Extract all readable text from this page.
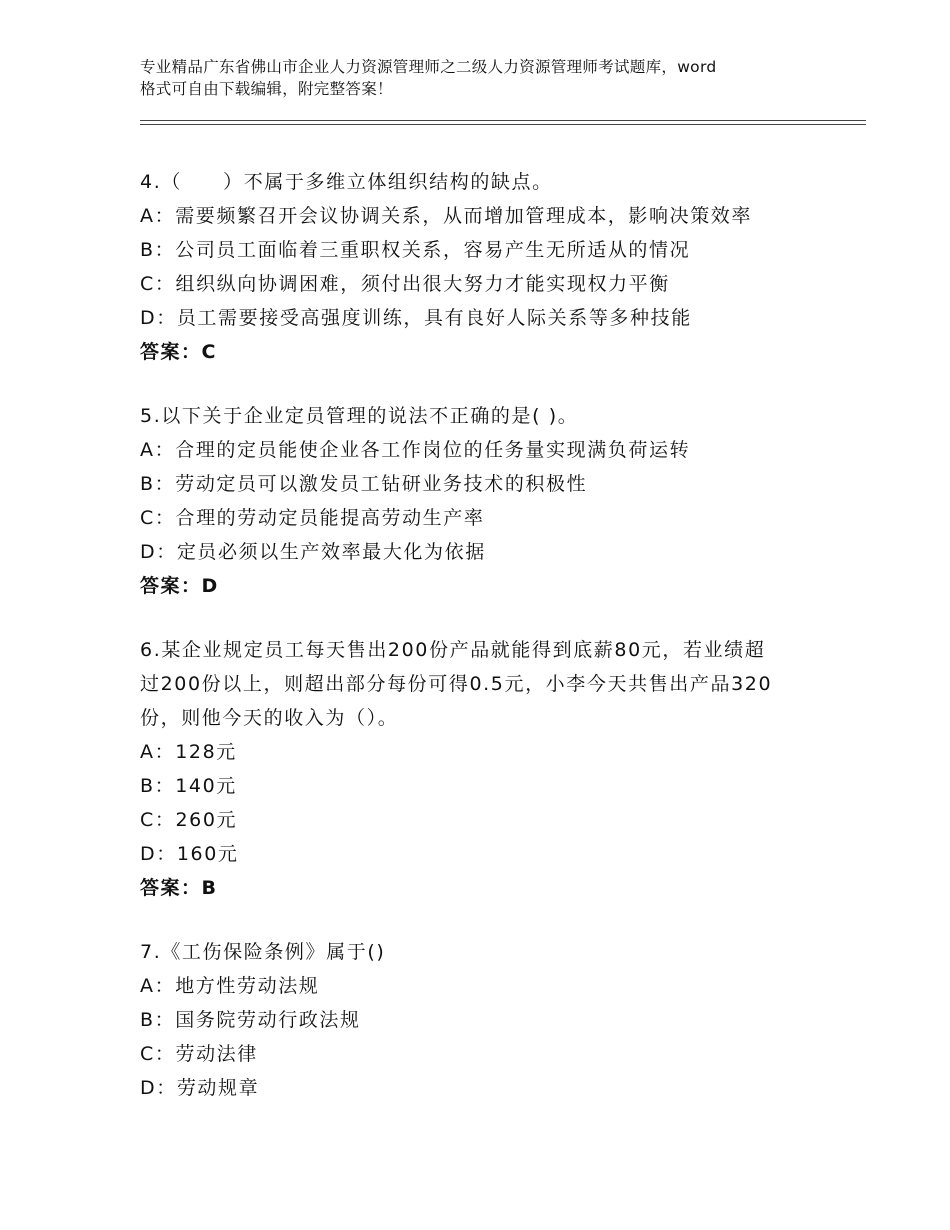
专业精品广东省佛山市企业人力资源管理师之二级人力资源管理师考试题库，word
格式可自由下载编辑，附完整答案！
4.（　　）不属于多维立体组织结构的缺点。
A：需要频繁召开会议协调关系，从而增加管理成本，影响决策效率
B：公司员工面临着三重职权关系，容易产生无所适从的情况
C：组织纵向协调困难，须付出很大努力才能实现权力平衡
D：员工需要接受高强度训练，具有良好人际关系等多种技能
答案：C
5.以下关于企业定员管理的说法不正确的是( )。
A：合理的定员能使企业各工作岗位的任务量实现满负荷运转
B：劳动定员可以激发员工钻研业务技术的积极性
C：合理的劳动定员能提高劳动生产率
D：定员必须以生产效率最大化为依据
答案：D
6.某企业规定员工每天售出200份产品就能得到底薪80元，若业绩超
过200份以上，则超出部分每份可得0.5元，小李今天共售出产品320
份，则他今天的收入为（）。
A：128元
B：140元
C：260元
D：160元
答案：B
7.《工伤保险条例》属于()
A：地方性劳动法规
B：国务院劳动行政法规
C：劳动法律
D：劳动规章
